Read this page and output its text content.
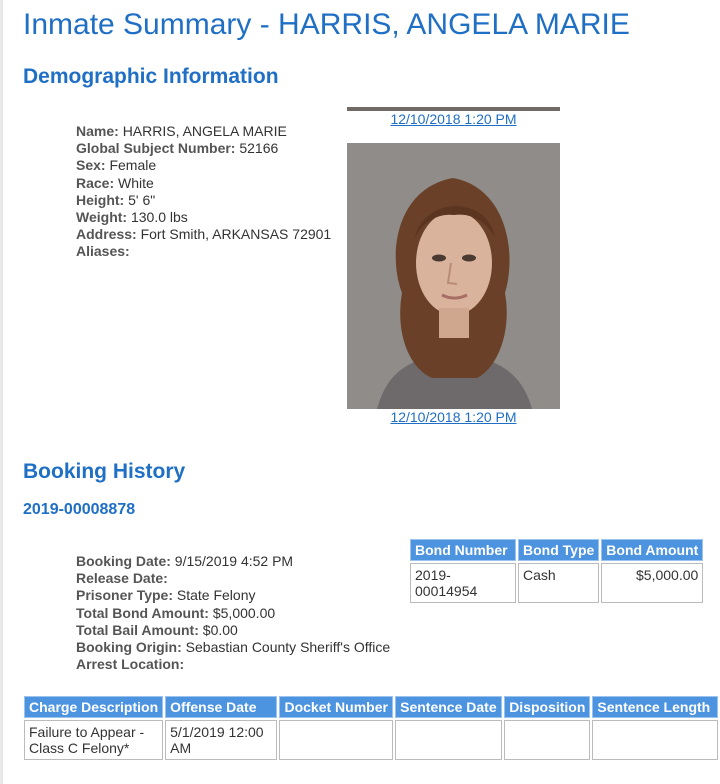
Inmate Summary - HARRIS, ANGELA MARIE
Demographic Information
Name: HARRIS, ANGELA MARIE
Global Subject Number: 52166
Sex: Female
Race: White
Height: 5' 6"
Weight: 130.0 lbs
Address: Fort Smith, ARKANSAS 72901
Aliases:
12/10/2018 1:20 PM
12/10/2018 1:20 PM
Booking History
2019-00008878
Booking Date: 9/15/2019 4:52 PM
Release Date:
Prisoner Type: State Felony
Total Bond Amount: $5,000.00
Total Bail Amount: $0.00
Booking Origin: Sebastian County Sheriff's Office
Arrest Location:
Bond Number	Bond Type	Bond Amount
2019-00014954	Cash	$5,000.00
Charge Description	Offense Date	Docket Number	Sentence Date	Disposition	Sentence Length
Failure to Appear - Class C Felony*	5/1/2019 12:00 AM				
